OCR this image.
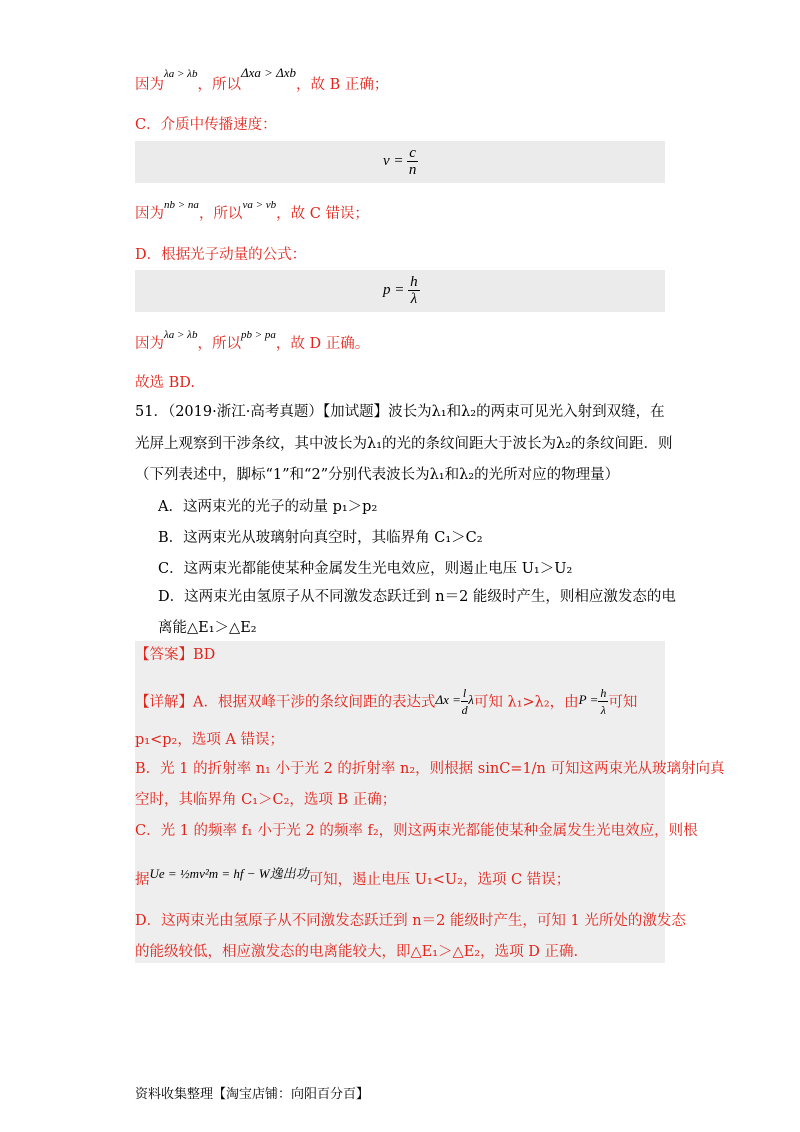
因为$^{\lambda a > \lambda b}$，所以Δxa > Δxb，故 B 正确；
C．介质中传播速度：
$v = \frac{c}{n}$
因为$^{nb > na}$，所以$^{va > vb}$，故 C 错误；
D．根据光子动量的公式：
$p = \frac{h}{\lambda}$
因为$^{\lambda a > \lambda b}$，所以$^{pb > pa}$，故 D 正确。
故选 BD.
51．（2019·浙江·高考真题）【加试题】波长为λ₁和λ₂的两束可见光入射到双缝，在
光屏上观察到干涉条纹，其中波长为λ₁的光的条纹间距大于波长为λ₂的条纹间距．则
（下列表述中，脚标“1”和“2”分别代表波长为λ₁和λ₂的光所对应的物理量）
A．这两束光的光子的动量 p₁＞p₂
B．这两束光从玻璃射向真空时，其临界角 C₁＞C₂
C．这两束光都能使某种金属发生光电效应，则遏止电压 U₁＞U₂
D．这两束光由氢原子从不同激发态跃迁到 n＝2 能级时产生，则相应激发态的电
离能△E₁＞△E₂
【答案】BD
【详解】A．根据双峰干涉的条纹间距的表达式$\Delta x = \frac{l}{d}$ λ可知 λ₁>λ₂，由$P = \frac{h}{\lambda}$ 可知
p₁<p₂，选项 A 错误；
B．光 1 的折射率 n₁ 小于光 2 的折射率 n₂，则根据 sinC=1/n 可知这两束光从玻璃射向真
空时，其临界角 C₁＞C₂，选项 B 正确；
C．光 1 的频率 f₁ 小于光 2 的频率 f₂，则这两束光都能使某种金属发生光电效应，则根
据Ue = ½mv²m = hf − W逸出功可知，遏止电压 U₁<U₂，选项 C 错误；
D．这两束光由氢原子从不同激发态跃迁到 n＝2 能级时产生，可知 1 光所处的激发态
的能级较低，相应激发态的电离能较大，即△E₁＞△E₂，选项 D 正确.
资料收集整理【淘宝店铺：向阳百分百】
